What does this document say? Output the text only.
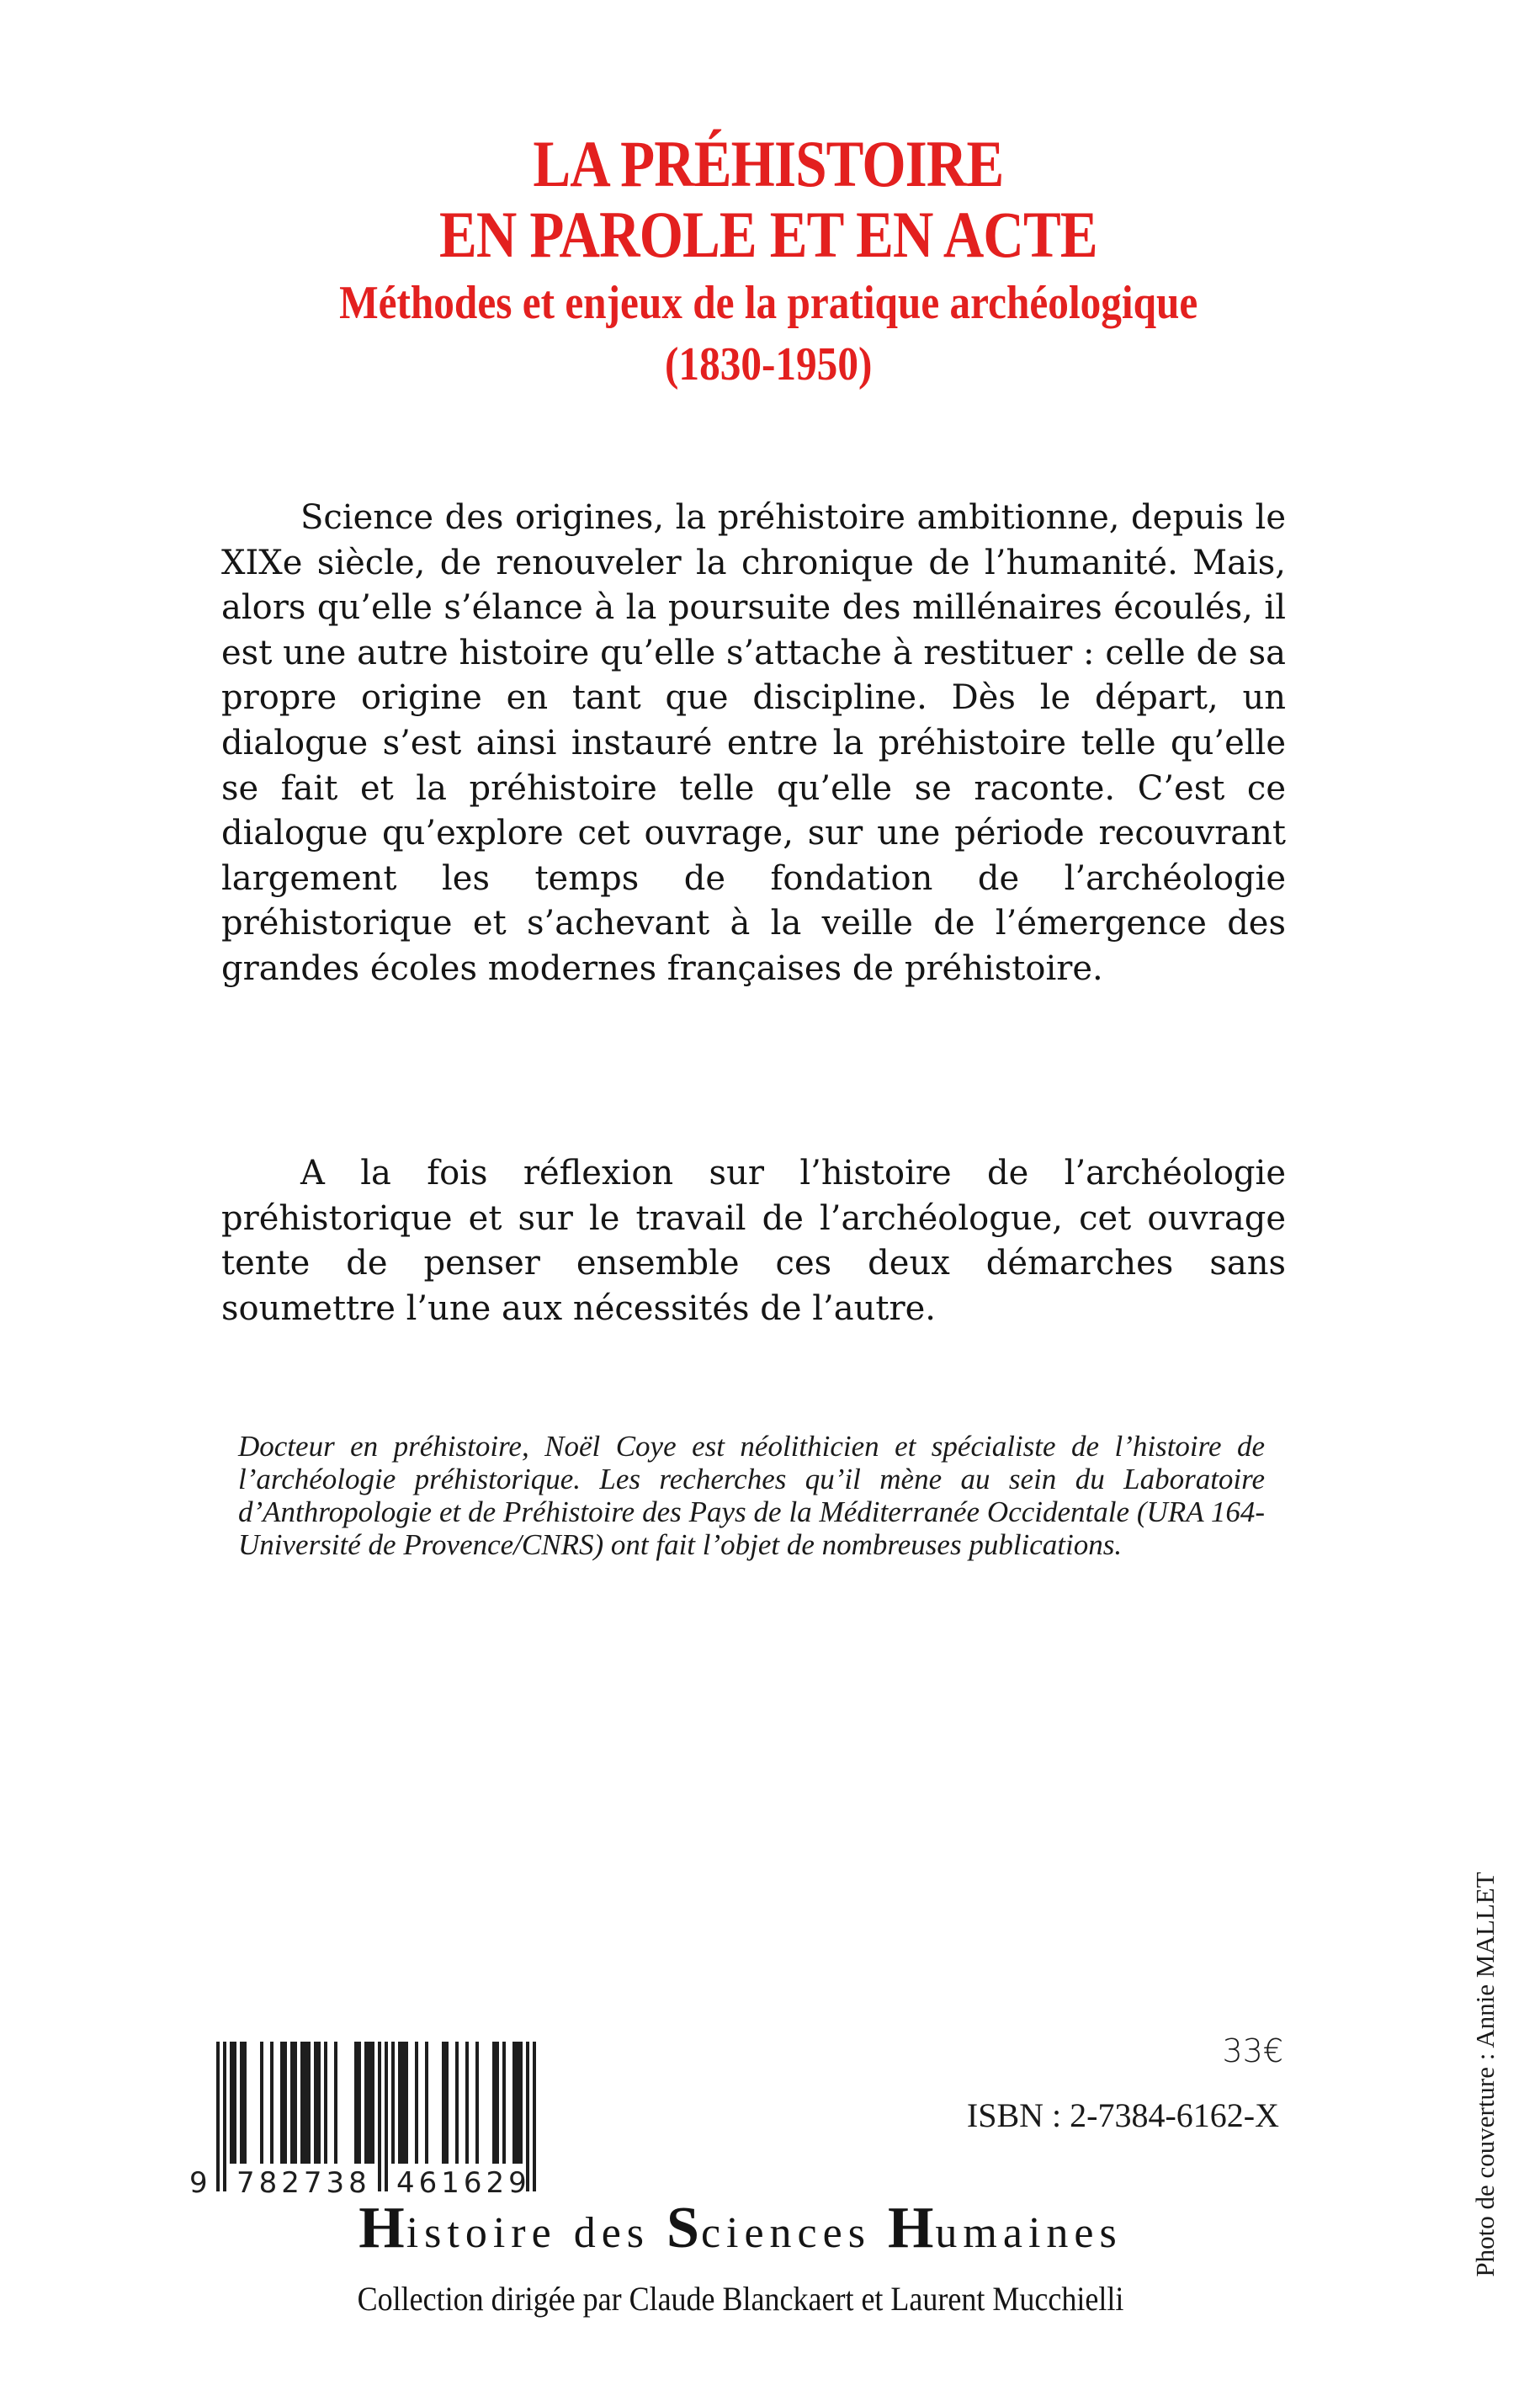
LA PRÉHISTOIRE
EN PAROLE ET EN ACTE
Méthodes et enjeux de la pratique archéologique
(1830-1950)

Science des origines, la préhistoire ambitionne, depuis le XIXe siècle, de renouveler la chronique de l’humanité. Mais, alors qu’elle s’élance à la poursuite des millénaires écoulés, il est une autre histoire qu’elle s’attache à restituer : celle de sa propre origine en tant que discipline. Dès le départ, un dialogue s’est ainsi instauré entre la préhistoire telle qu’elle se fait et la préhistoire telle qu’elle se raconte. C’est ce dialogue qu’explore cet ouvrage, sur une période recouvrant largement les temps de fondation de l’archéologie préhistorique et s’achevant à la veille de l’émergence des grandes écoles modernes françaises de préhistoire.

A la fois réflexion sur l’histoire de l’archéologie préhistorique et sur le travail de l’archéologue, cet ouvrage tente de penser ensemble ces deux démarches sans soumettre l’une aux nécessités de l’autre.

Docteur en préhistoire, Noël Coye est néolithicien et spécialiste de l’histoire de l’archéologie préhistorique. Les recherches qu’il mène au sein du Laboratoire d’Anthropologie et de Préhistoire des Pays de la Méditerranée Occidentale (URA 164- Université de Provence/CNRS) ont fait l’objet de nombreuses publications.
9 782738 461629
33€
ISBN : 2-7384-6162-X
Histoire des Sciences Humaines
Collection dirigée par Claude Blanckaert et Laurent Mucchielli
Photo de couverture : Annie MALLET
